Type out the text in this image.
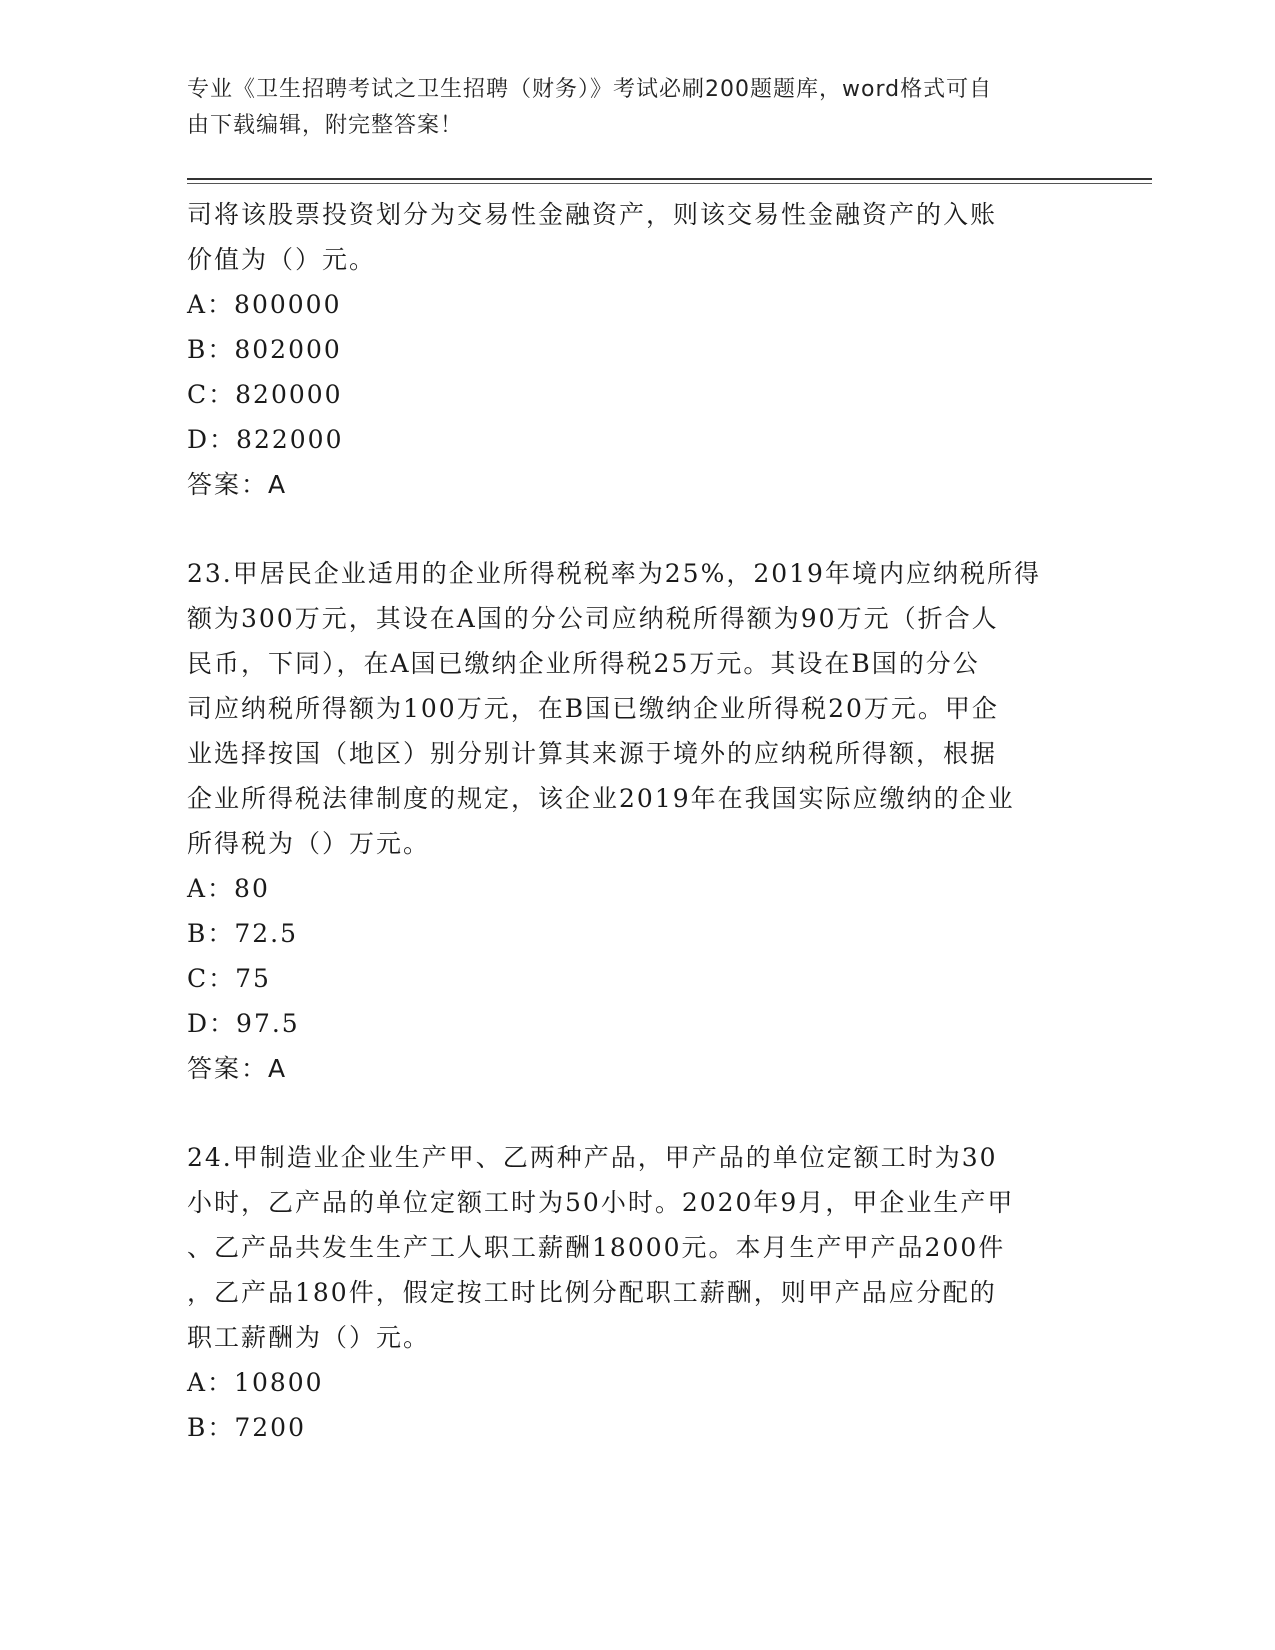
专业《卫生招聘考试之卫生招聘（财务）》考试必刷200题题库，word格式可自
由下载编辑，附完整答案！

司将该股票投资划分为交易性金融资产，则该交易性金融资产的入账

价值为（）元。

A：800000

B：802000

C：820000

D：822000

答案：A

23.甲居民企业适用的企业所得税税率为25%，2019年境内应纳税所得

额为300万元，其设在A国的分公司应纳税所得额为90万元（折合人

民币，下同），在A国已缴纳企业所得税25万元。其设在B国的分公

司应纳税所得额为100万元，在B国已缴纳企业所得税20万元。甲企

业选择按国（地区）别分别计算其来源于境外的应纳税所得额，根据

企业所得税法律制度的规定，该企业2019年在我国实际应缴纳的企业

所得税为（）万元。

A：80

B：72.5

C：75

D：97.5

答案：A

24.甲制造业企业生产甲、乙两种产品，甲产品的单位定额工时为30

小时，乙产品的单位定额工时为50小时。2020年9月，甲企业生产甲

、乙产品共发生生产工人职工薪酬18000元。本月生产甲产品200件

，乙产品180件，假定按工时比例分配职工薪酬，则甲产品应分配的

职工薪酬为（）元。

A：10800

B：7200
